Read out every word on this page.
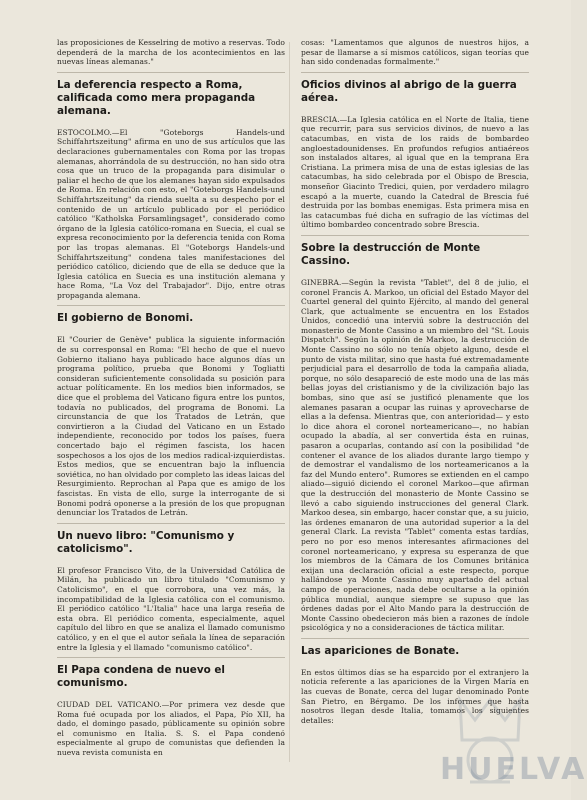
las proposiciones de Kesselring de motivo a reservas. Todo dependerá de la marcha de los acontecimientos en las nuevas líneas alemanas."

La deferencia respecto a Roma, calificada como mera propaganda alemana.

ESTOCOLMO.—El "Goteborgs Handels-und Schiffahrtszeitung" afirma en uno de sus artículos que las declaraciones gubernamentales con Roma por las tropas alemanas, ahorrándola de su destrucción, no han sido otra cosa que un truco de la propaganda para disimular o paliar el hecho de que los alemanes hayan sido expulsados de Roma. En relación con esto, el "Goteborgs Handels-und Schiffahrtszeitung" da rienda suelta a su despecho por el contenido de un artículo publicado por el periódico católico "Katholska Forsamlingsaget", considerado como órgano de la Iglesia católico-romana en Suecia, el cual se expresa reconocimiento por la deferencia tenida con Roma por las tropas alemanas. El "Goteborgs Handels-und Schiffahrtszeitung" condena tales manifestaciones del periódico católico, diciendo que de ella se deduce que la Iglesia católica en Suecia es una institución alemana y hace Roma, "La Voz del Trabajador". Dijo, entre otras propaganda alemana.

El gobierno de Bonomi.

El "Courier de Genève" publica la siguiente información de su corresponsal en Roma: "El hecho de que el nuevo Gobierno italiano haya publicado hace algunos días un programa político, prueba que Bonomi y Togliatti consideran suficientemente consolidada su posición para actuar políticamente. En los medios bien informados, se dice que el problema del Vaticano figura entre los puntos, todavía no publicados, del programa de Bonomi. La circunstancia de que los Tratados de Letrán, que convirtieron a la Ciudad del Vaticano en un Estado independiente, reconocido por todos los países, fuera concertado bajo el régimen fascista, los hacen sospechosos a los ojos de los medios radical-izquierdistas. Estos medios, que se encuentran bajo la influencia soviética, no han olvidado por completo las ideas laicas del Resurgimiento. Reprochan al Papa que es amigo de los fascistas. En vista de ello, surge la interrogante de si Bonomi podrá oponerse a la presión de los que propugnan denunciar los Tratados de Letrán.

Un nuevo libro: "Comunismo y catolicismo".

El profesor Francisco Vito, de la Universidad Católica de Milán, ha publicado un libro titulado "Comunismo y Catolicismo", en el que corrobora, una vez más, la incompatibilidad de la Iglesia católica con el comunismo. El periódico católico "L'Italia" hace una larga reseña de esta obra. El periódico comenta, especialmente, aquel capítulo del libro en que se analiza el llamado comunismo católico, y en el que el autor señala la línea de separación entre la Iglesia y el llamado "comunismo católico".

El Papa condena de nuevo el comunismo.

CIUDAD DEL VATICANO.—Por primera vez desde que Roma fué ocupada por los aliados, el Papa, Pío XII, ha dado, el domingo pasado, públicamente su opinión sobre el comunismo en Italia. S. S. el Papa condenó especialmente al grupo de comunistas que defienden la nueva revista comunista en

cosas: "Lamentamos que algunos de nuestros hijos, a pesar de llamarse a sí mismos católicos, sigan teorías que han sido condenadas formalmente."

Oficios divinos al abrigo de la guerra aérea.

BRESCIA.—La Iglesia católica en el Norte de Italia, tiene que recurrir, para sus servicios divinos, de nuevo a las catacumbas, en vista de los raids de bombardeo angloestadounidenses. En profundos refugios antiaéreos son instalados altares, al igual que en la temprana Era Cristiana. La primera misa de una de estas iglesias de las catacumbas, ha sido celebrada por el Obispo de Brescia, monseñor Giacinto Tredici, quien, por verdadero milagro escapó a la muerte, cuando la Catedral de Brescia fué destruida por las bombas enemigas. Esta primera misa en las catacumbas fué dicha en sufragio de las víctimas del último bombardeo concentrado sobre Brescia.

Sobre la destrucción de Monte Cassino.

GINEBRA.—Según la revista "Tablet", del 8 de julio, el coronel Francis A. Markoo, un oficial del Estado Mayor del Cuartel general del quinto Ejército, al mando del general Clark, que actualmente se encuentra en los Estados Unidos, concedió una interviú sobre la destrucción del monasterio de Monte Cassino a un miembro del "St. Louis Dispatch". Según la opinión de Markoo, la destrucción de Monte Cassino no sólo no tenía objeto alguno, desde el punto de vista militar, sino que hasta fué extremadamente perjudicial para el desarrollo de toda la campaña aliada, porque, no sólo desapareció de este modo una de las más bellas joyas del cristianismo y de la civilización bajo las bombas, sino que así se justificó plenamente que los alemanes pasaran a ocupar las ruinas y aprovecharse de ellas a la defensa. Mientras que, con anterioridad— y esto lo dice ahora el coronel norteamericano—, no habían ocupado la abadía, al ser convertida ésta en ruinas, pasaron a ocuparlas, contando así con la posibilidad "de contener el avance de los aliados durante largo tiempo y de demostrar el vandalismo de los norteamericanos a la faz del Mundo entero". Rumores se extienden en el campo aliado—siguió diciendo el coronel Markoo—que afirman que la destrucción del monasterio de Monte Cassino se llevó a cabo siguiendo instrucciones del general Clark. Markoo desea, sin embargo, hacer constar que, a su juicio, las órdenes emanaron de una autoridad superior a la del general Clark. La revista "Tablet" comenta estas tardías, pero no por eso menos interesantes afirmaciones del coronel norteamericano, y expresa su esperanza de que los miembros de la Cámara de los Comunes británica exijan una declaración oficial a este respecto, porque hallándose ya Monte Cassino muy apartado del actual campo de operaciones, nada debe ocultarse a la opinión pública mundial, aunque siempre se supuso que las órdenes dadas por el Alto Mando para la destrucción de Monte Cassino obedecieron más bien a razones de índole psicológica y no a consideraciones de táctica militar.

Las apariciones de Bonate.

En estos últimos días se ha esparcido por el extranjero la noticia referente a las apariciones de la Virgen María en las cuevas de Bonate, cerca del lugar denominado Ponte San Pietro, en Bérgamo. De los informes que hasta nosotros llegan desde Italia, tomamos los siguientes detalles:

HUELVA
